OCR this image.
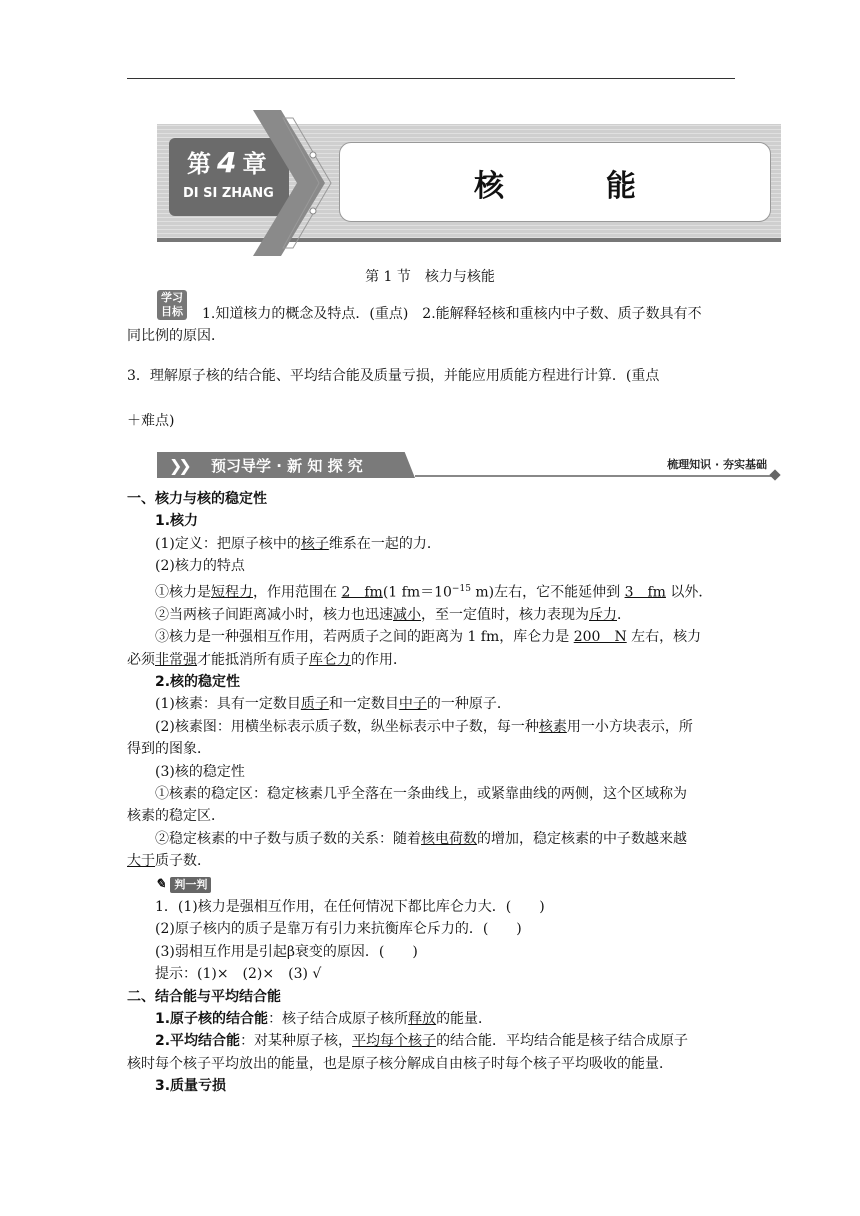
第4章
DI SI ZHANG	核　能
第 1 节　核力与核能
学习
目标	1.知道核力的概念及特点．(重点)　2.能解释轻核和重核内中子数、质子数具有不
同比例的原因．
3．理解原子核的结合能、平均结合能及质量亏损，并能应用质能方程进行计算．(重点
＋难点)
❯❯ 预习导学 · 新 知 探 究	梳理知识 · 夯实基础
一、核力与核的稳定性
1.核力
(1)定义：把原子核中的核子维系在一起的力．
(2)核力的特点
①核力是短程力，作用范围在 2　fm(1 $fm=10^{-15}$ m)左右，它不能延伸到 3　fm 以外．
②当两核子间距离减小时，核力也迅速减小，至一定值时，核力表现为斥力．
③核力是一种强相互作用，若两质子之间的距离为 1 fm，库仑力是 200　N 左右，核力
必须非常强才能抵消所有质子库仑力的作用．
2.核的稳定性
(1)核素：具有一定数目质子和一定数目中子的一种原子．
(2)核素图：用横坐标表示质子数，纵坐标表示中子数，每一种核素用一小方块表示，所
得到的图象．
(3)核的稳定性
①核素的稳定区：稳定核素几乎全落在一条曲线上，或紧靠曲线的两侧，这个区域称为
核素的稳定区．
②稳定核素的中子数与质子数的关系：随着核电荷数的增加，稳定核素的中子数越来越
大于质子数．
✎ 判一判
1．(1)核力是强相互作用，在任何情况下都比库仑力大．(　　)
(2)原子核内的质子是靠万有引力来抗衡库仑斥力的．(　　)
(3)弱相互作用是引起β衰变的原因．(　　)
提示：(1)×　(2)×　(3) √
二、结合能与平均结合能
1.原子核的结合能：核子结合成原子核所释放的能量．
2.平均结合能：对某种原子核，平均每个核子的结合能．平均结合能是核子结合成原子
核时每个核子平均放出的能量，也是原子核分解成自由核子时每个核子平均吸收的能量．
3.质量亏损
